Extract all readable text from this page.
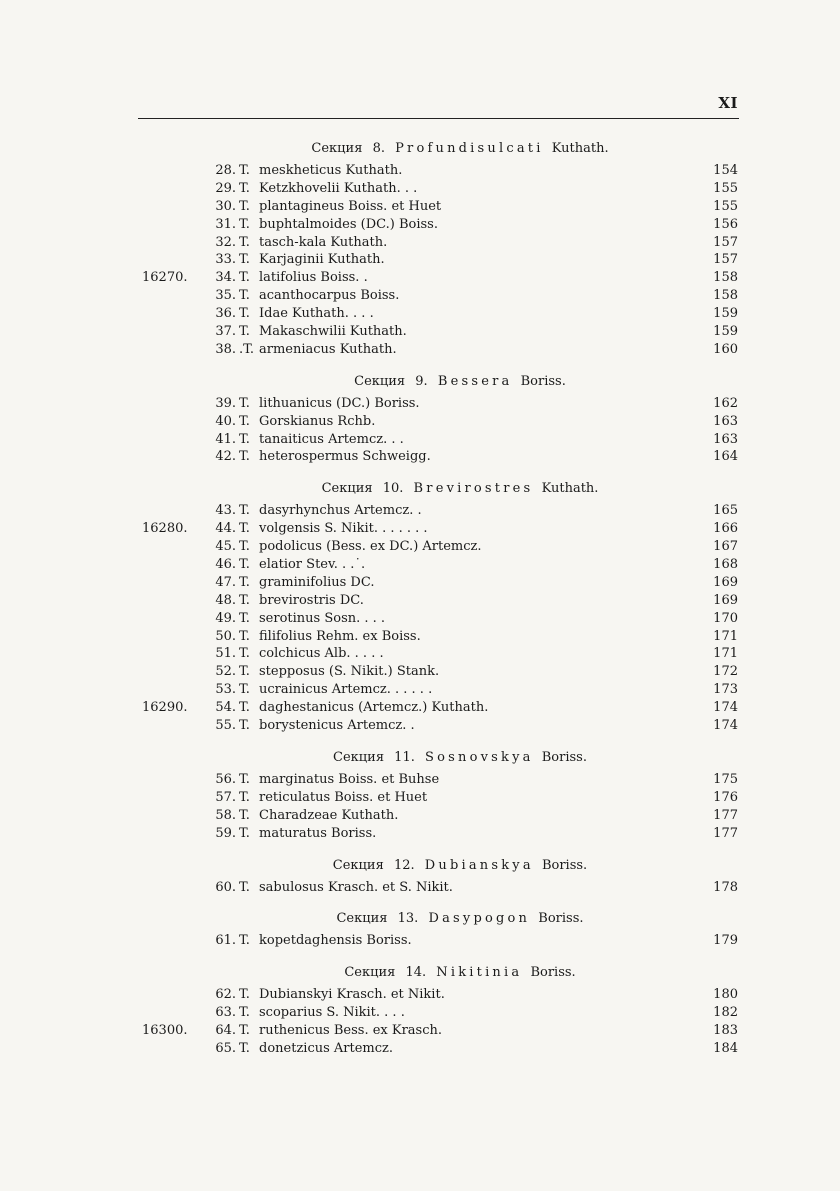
XI
Секция 8. Profundisulcati Kuthath.
28. T. meskheticus Kuthath.	154
29. T. Ketzkhovelii Kuthath. . .	155
30. T. plantagineus Boiss. et Huet	155
31. T. buphtalmoides (DC.) Boiss.	156
32. T. tasch-kala Kuthath.	157
33. T. Karjaginii Kuthath.	157
16270. 34. T. latifolius Boiss. .	158
35. T. acanthocarpus Boiss.	158
36. T. Idae Kuthath. . . .	159
37. T. Makaschwilii Kuthath.	159
38. .T. armeniacus Kuthath.	160
Секция 9. Bessera Boriss.
39. T. lithuanicus (DC.) Boriss.	162
40. T. Gorskianus Rchb.	163
41. T. tanaiticus Artemcz. . .	163
42. T. heterospermus Schweigg.	164
Секция 10. Brevirostres Kuthath.
43. T. dasyrhynchus Artemcz. .	165
16280. 44. T. volgensis S. Nikit. . . . . . .	166
45. T. podolicus (Bess. ex DC.) Artemcz.	167
46. T. elatior Stev. . .˙.	168
47. T. graminifolius DC.	169
48. T. brevirostris DC.	169
49. T. serotinus Sosn. . . .	170
50. T. filifolius Rehm. ex Boiss.	171
51. T. colchicus Alb. . . . .	171
52. T. stepposus (S. Nikit.) Stank.	172
53. T. ucrainicus Artemcz. . . . . .	173
16290. 54. T. daghestanicus (Artemcz.) Kuthath.	174
55. T. borystenicus Artemcz. .	174
Секция 11. Sosnovskya Boriss.
56. T. marginatus Boiss. et Buhse	175
57. T. reticulatus Boiss. et Huet	176
58. T. Charadzeae Kuthath.	177
59. T. maturatus Boriss.	177
Секция 12. Dubianskya Boriss.
60. T. sabulosus Krasch. et S. Nikit.	178
Секция 13. Dasypogon Boriss.
61. T. kopetdaghensis Boriss.	179
Секция 14. Nikitinia Boriss.
62. T. Dubianskyi Krasch. et Nikit.	180
63. T. scoparius S. Nikit. . . .	182
16300. 64. T. ruthenicus Bess. ex Krasch.	183
65. T. donetzicus Artemcz.	184
